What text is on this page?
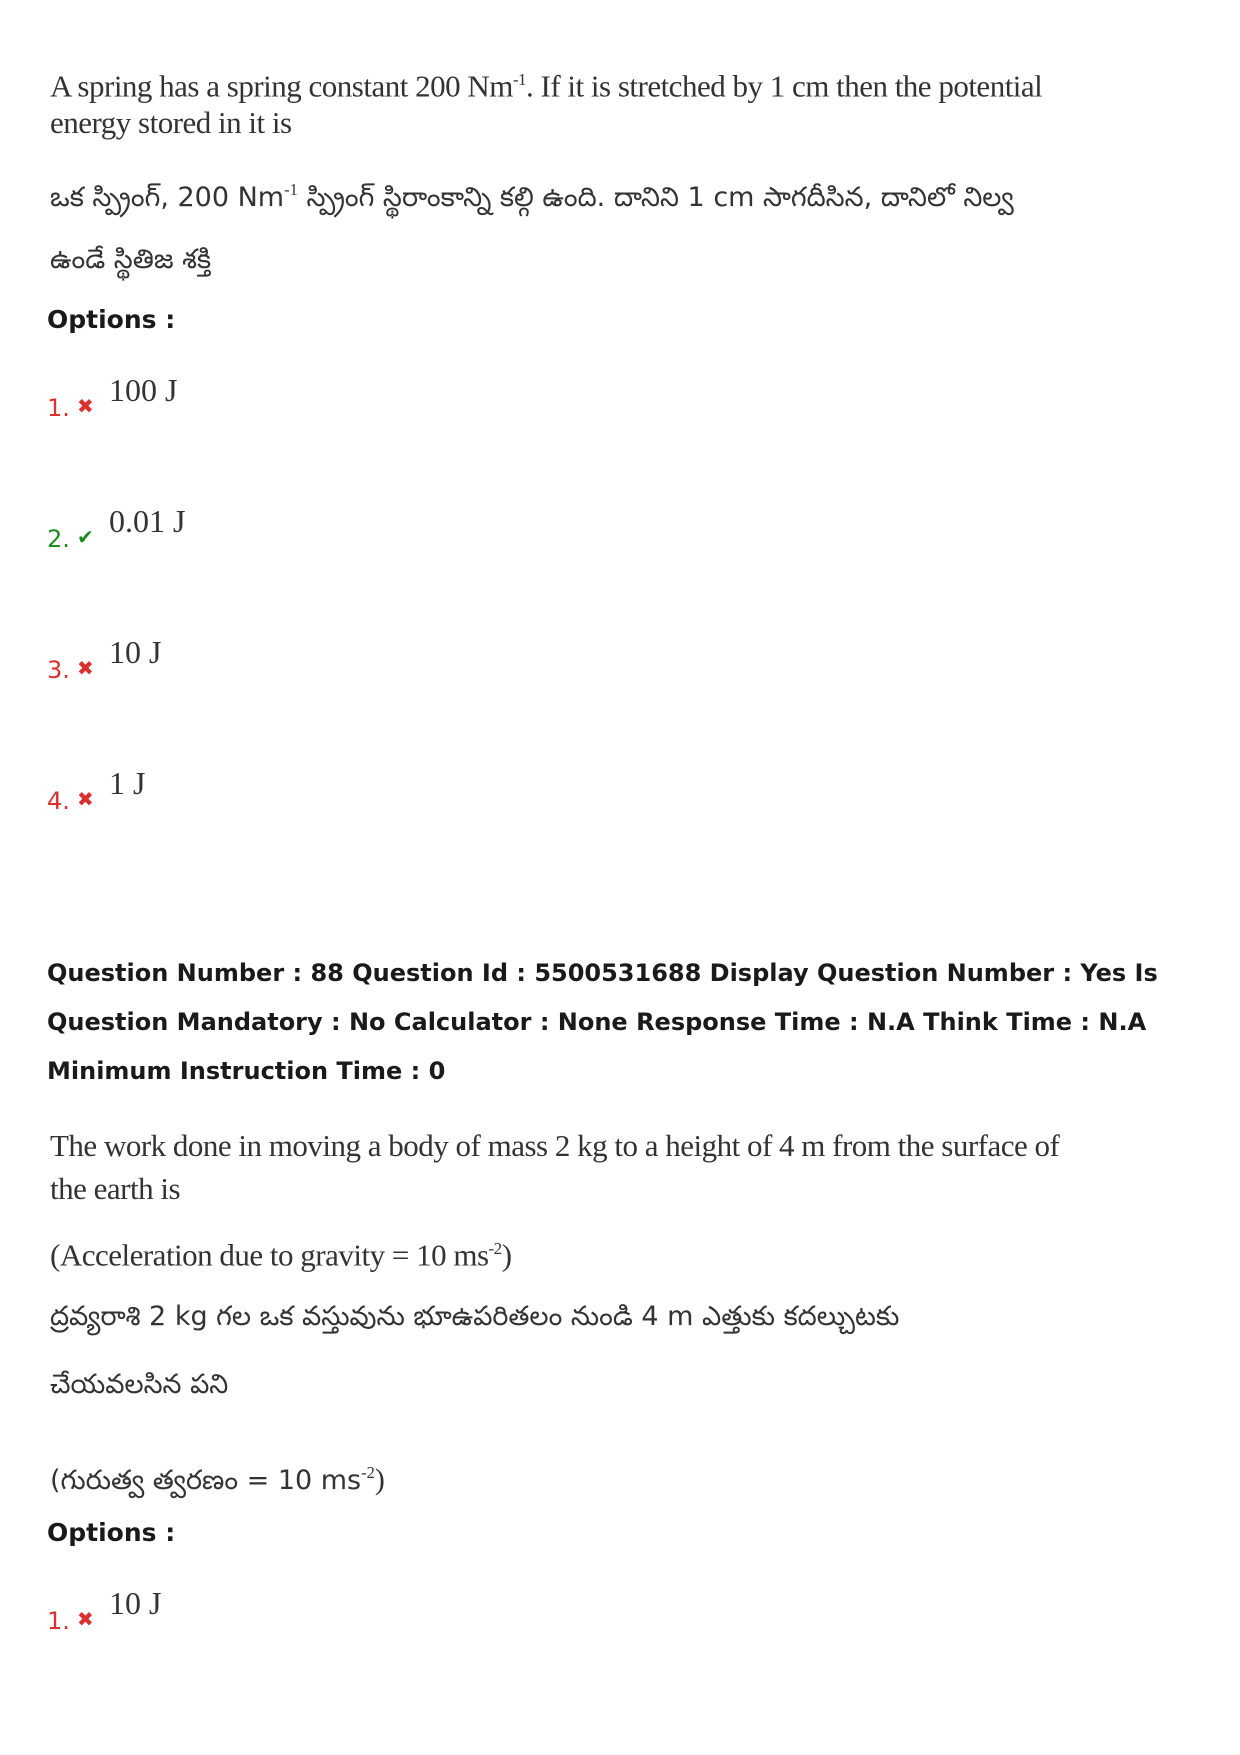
A spring has a spring constant 200 $Nm^{-1}$. If it is stretched by 1 cm then the potential
energy stored in it is
ఒక స్ప్రింగ్, 200 $Nm^{-1}$ స్ప్రింగ్ స్థిరాంకాన్ని కల్గి ఉంది. దానిని 1 cm సాగదీసిన, దానిలో నిల్వ
ఉండే స్థితిజ శక్తి
Options :
1. ✖ 100 J
2. ✔ 0.01 J
3. ✖ 10 J
4. ✖ 1 J
Question Number : 88 Question Id : 5500531688 Display Question Number : Yes Is Question Mandatory : No Calculator : None Response Time : N.A Think Time : N.A Minimum Instruction Time : 0
The work done in moving a body of mass 2 kg to a height of 4 m from the surface of
the earth is
(Acceleration due to gravity = 10 $ms^{-2}$)
ద్రవ్యరాశి 2 kg గల ఒక వస్తువును భూఉపరితలం నుండి 4 m ఎత్తుకు కదల్చుటకు
చేయవలసిన పని
(గురుత్వ త్వరణం = 10 $ms^{-2}$)
Options :
1. ✖ 10 J
